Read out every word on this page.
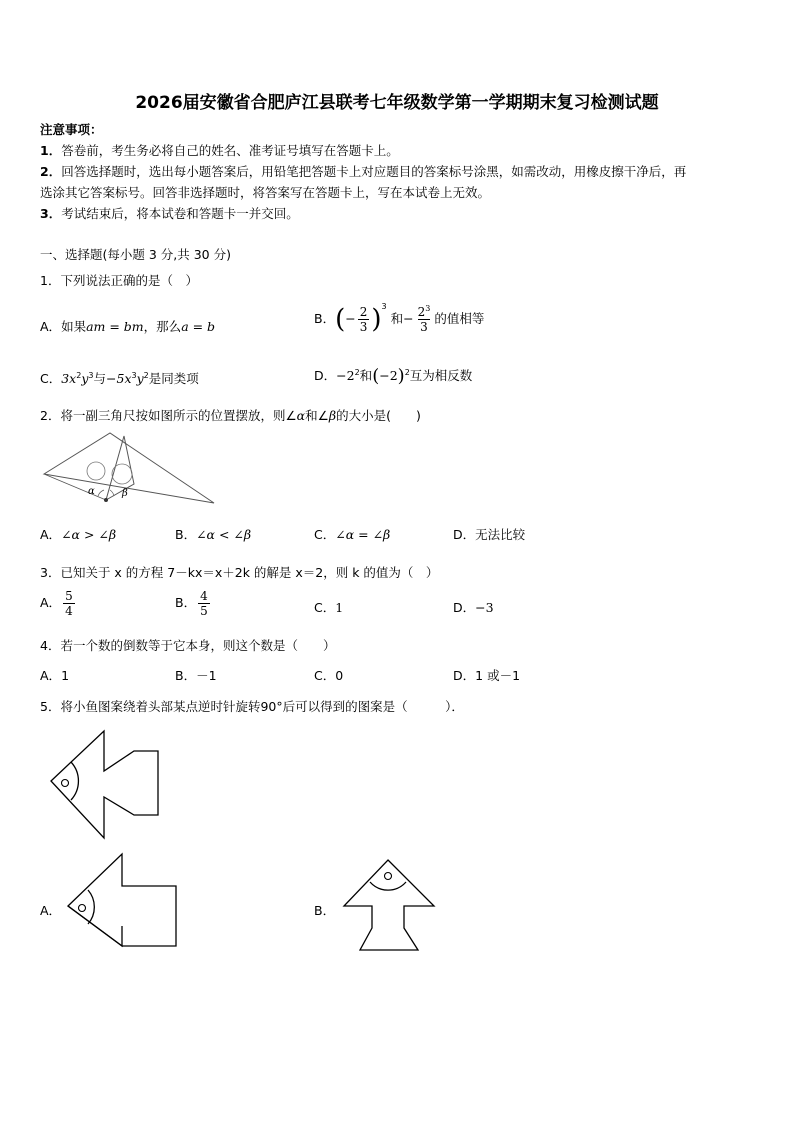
2026届安徽省合肥庐江县联考七年级数学第一学期期末复习检测试题
注意事项：
1．答卷前，考生务必将自己的姓名、准考证号填写在答题卡上。
2．回答选择题时，选出每小题答案后，用铅笔把答题卡上对应题目的答案标号涂黑，如需改动，用橡皮擦干净后，再
选涂其它答案标号。回答非选择题时，将答案写在答题卡上，写在本试卷上无效。
3．考试结束后，将本试卷和答题卡一并交回。
一、选择题(每小题 3 分,共 30 分)
1．下列说法正确的是（　）
A．如果am = bm，那么a = b
B．(− $\frac{2}{3} )^3$ 和− $\frac{2^3}{3}$ 的值相等
C．$3x^2y^3$与$-5x^3y^2$是同类项	D．$-2^2$和$(-2)^2$互为相反数
2．将一副三角尺按如图所示的位置摆放，则∠α和∠β的大小是(　　)
α	β
A．∠α > ∠β	B．∠α < ∠β	C．∠α = ∠β	D．无法比较
3．已知关于 x 的方程 7－kx＝x＋2k 的解是 x＝2，则 k 的值为（　）
A． $\frac{5}{4}$	B． $\frac{4}{5}$	C．1	D．−3
4．若一个数的倒数等于它本身，则这个数是（　　）
A．1	B．－1	C．0	D．1 或－1
5．将小鱼图案绕着头部某点逆时针旋转90°后可以得到的图案是（　　　）．
A．	B．
